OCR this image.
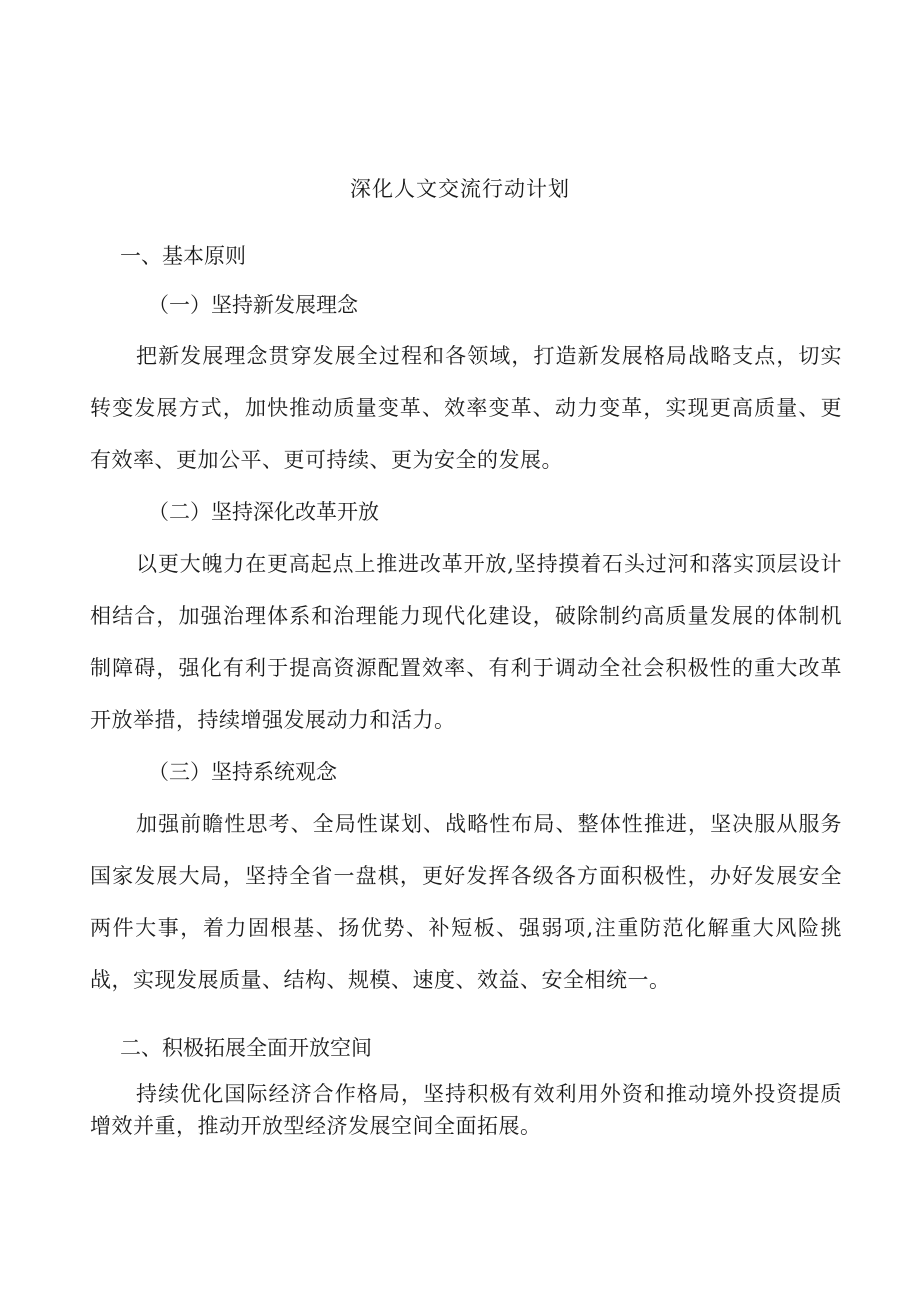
深化人文交流行动计划
一、基本原则
（一）坚持新发展理念
把新发展理念贯穿发展全过程和各领域，打造新发展格局战略支点，切实转变发展方式，加快推动质量变革、效率变革、动力变革，实现更高质量、更有效率、更加公平、更可持续、更为安全的发展。
（二）坚持深化改革开放
以更大魄力在更高起点上推进改革开放,坚持摸着石头过河和落实顶层设计相结合，加强治理体系和治理能力现代化建设，破除制约高质量发展的体制机制障碍，强化有利于提高资源配置效率、有利于调动全社会积极性的重大改革开放举措，持续增强发展动力和活力。
（三）坚持系统观念
加强前瞻性思考、全局性谋划、战略性布局、整体性推进，坚决服从服务国家发展大局，坚持全省一盘棋，更好发挥各级各方面积极性，办好发展安全两件大事，着力固根基、扬优势、补短板、强弱项,注重防范化解重大风险挑战，实现发展质量、结构、规模、速度、效益、安全相统一。
二、积极拓展全面开放空间
持续优化国际经济合作格局，坚持积极有效利用外资和推动境外投资提质增效并重，推动开放型经济发展空间全面拓展。
